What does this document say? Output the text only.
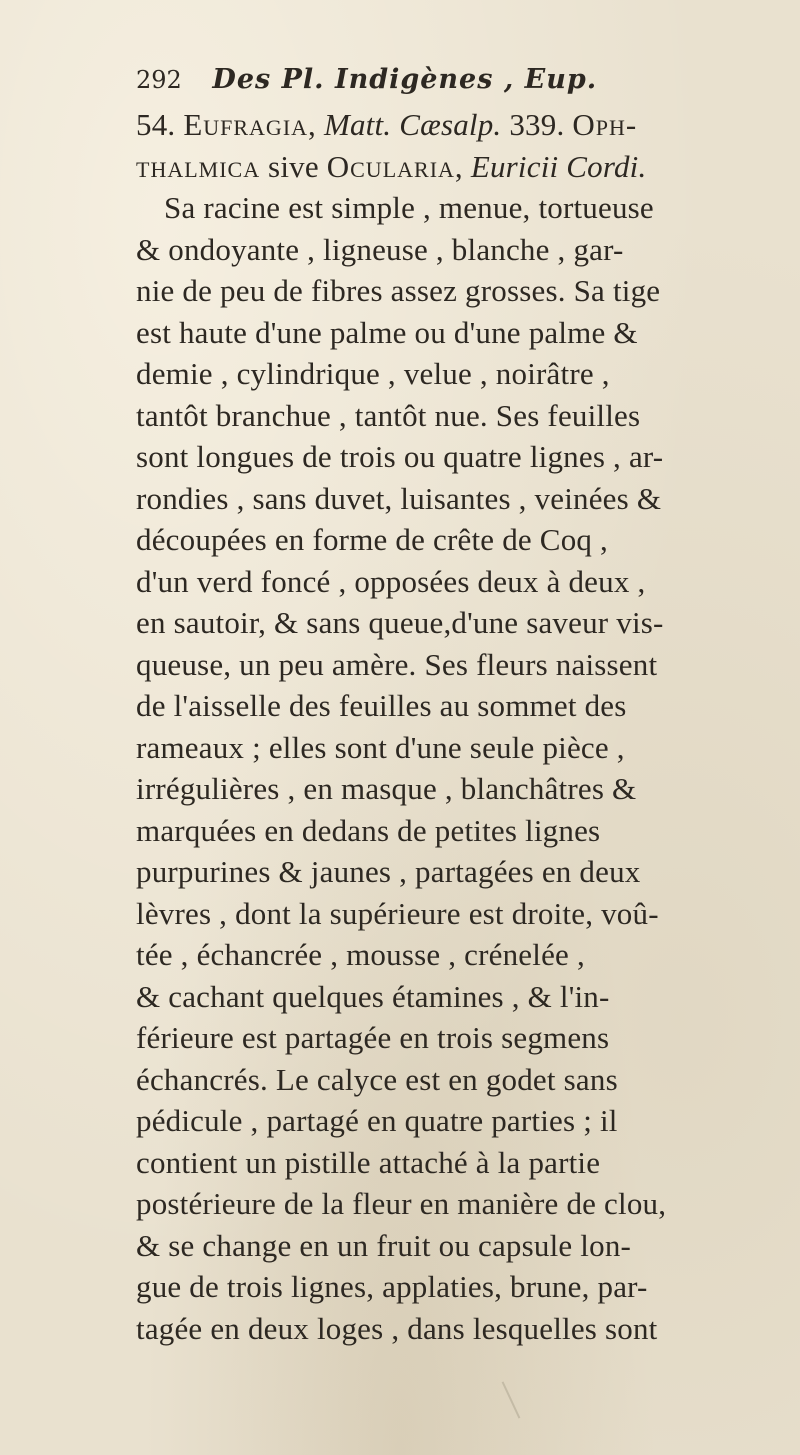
292 Des Pl. Indigènes , Eup.
54. Eufragia, Matt. Cæsalp. 339. Oph-
thalmica sive Ocularia, Euricii Cordi.
Sa racine est simple , menue, tortueuse
& ondoyante , ligneuse , blanche , gar-
nie de peu de fibres assez grosses. Sa tige
est haute d'une palme ou d'une palme &
demie , cylindrique , velue , noirâtre ,
tantôt branchue , tantôt nue. Ses feuilles
sont longues de trois ou quatre lignes , ar-
rondies , sans duvet, luisantes , veinées &
découpées en forme de crête de Coq ,
d'un verd foncé , opposées deux à deux ,
en sautoir, & sans queue,d'une saveur vis-
queuse, un peu amère. Ses fleurs naissent
de l'aisselle des feuilles au sommet des
rameaux ; elles sont d'une seule pièce ,
irrégulières , en masque , blanchâtres &
marquées en dedans de petites lignes
purpurines & jaunes , partagées en deux
lèvres , dont la supérieure est droite, voû-
tée , échancrée , mousse , crénelée ,
& cachant quelques étamines , & l'in-
férieure est partagée en trois segmens
échancrés. Le calyce est en godet sans
pédicule , partagé en quatre parties ; il
contient un pistille attaché à la partie
postérieure de la fleur en manière de clou,
& se change en un fruit ou capsule lon-
gue de trois lignes, applaties, brune, par-
tagée en deux loges , dans lesquelles sont
